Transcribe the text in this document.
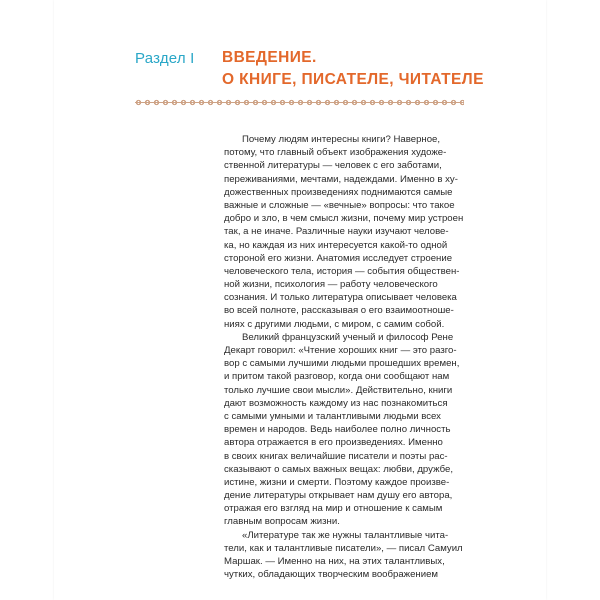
Раздел I ВВЕДЕНИЕ.
О КНИГЕ, ПИСАТЕЛЕ, ЧИТАТЕЛЕ
Почему людям интересны книги? Наверное,
потому, что главный объект изображения художе-
ственной литературы — человек с его заботами,
переживаниями, мечтами, надеждами. Именно в ху-
дожественных произведениях поднимаются самые
важные и сложные — «вечные» вопросы: что такое
добро и зло, в чем смысл жизни, почему мир устроен
так, а не иначе. Различные науки изучают челове-
ка, но каждая из них интересуется какой-то одной
стороной его жизни. Анатомия исследует строение
человеческого тела, история — события обществен-
ной жизни, психология — работу человеческого
сознания. И только литература описывает человека
во всей полноте, рассказывая о его взаимоотноше-
ниях с другими людьми, с миром, с самим собой.
Великий французский ученый и философ Рене
Декарт говорил: «Чтение хороших книг — это разго-
вор с самыми лучшими людьми прошедших времен,
и притом такой разговор, когда они сообщают нам
только лучшие свои мысли». Действительно, книги
дают возможность каждому из нас познакомиться
с самыми умными и талантливыми людьми всех
времен и народов. Ведь наиболее полно личность
автора отражается в его произведениях. Именно
в своих книгах величайшие писатели и поэты рас-
сказывают о самых важных вещах: любви, дружбе,
истине, жизни и смерти. Поэтому каждое произве-
дение литературы открывает нам душу его автора,
отражая его взгляд на мир и отношение к самым
главным вопросам жизни.
«Литературе так же нужны талантливые чита-
тели, как и талантливые писатели», — писал Самуил
Маршак. — Именно на них, на этих талантливых,
чутких, обладающих творческим воображением
